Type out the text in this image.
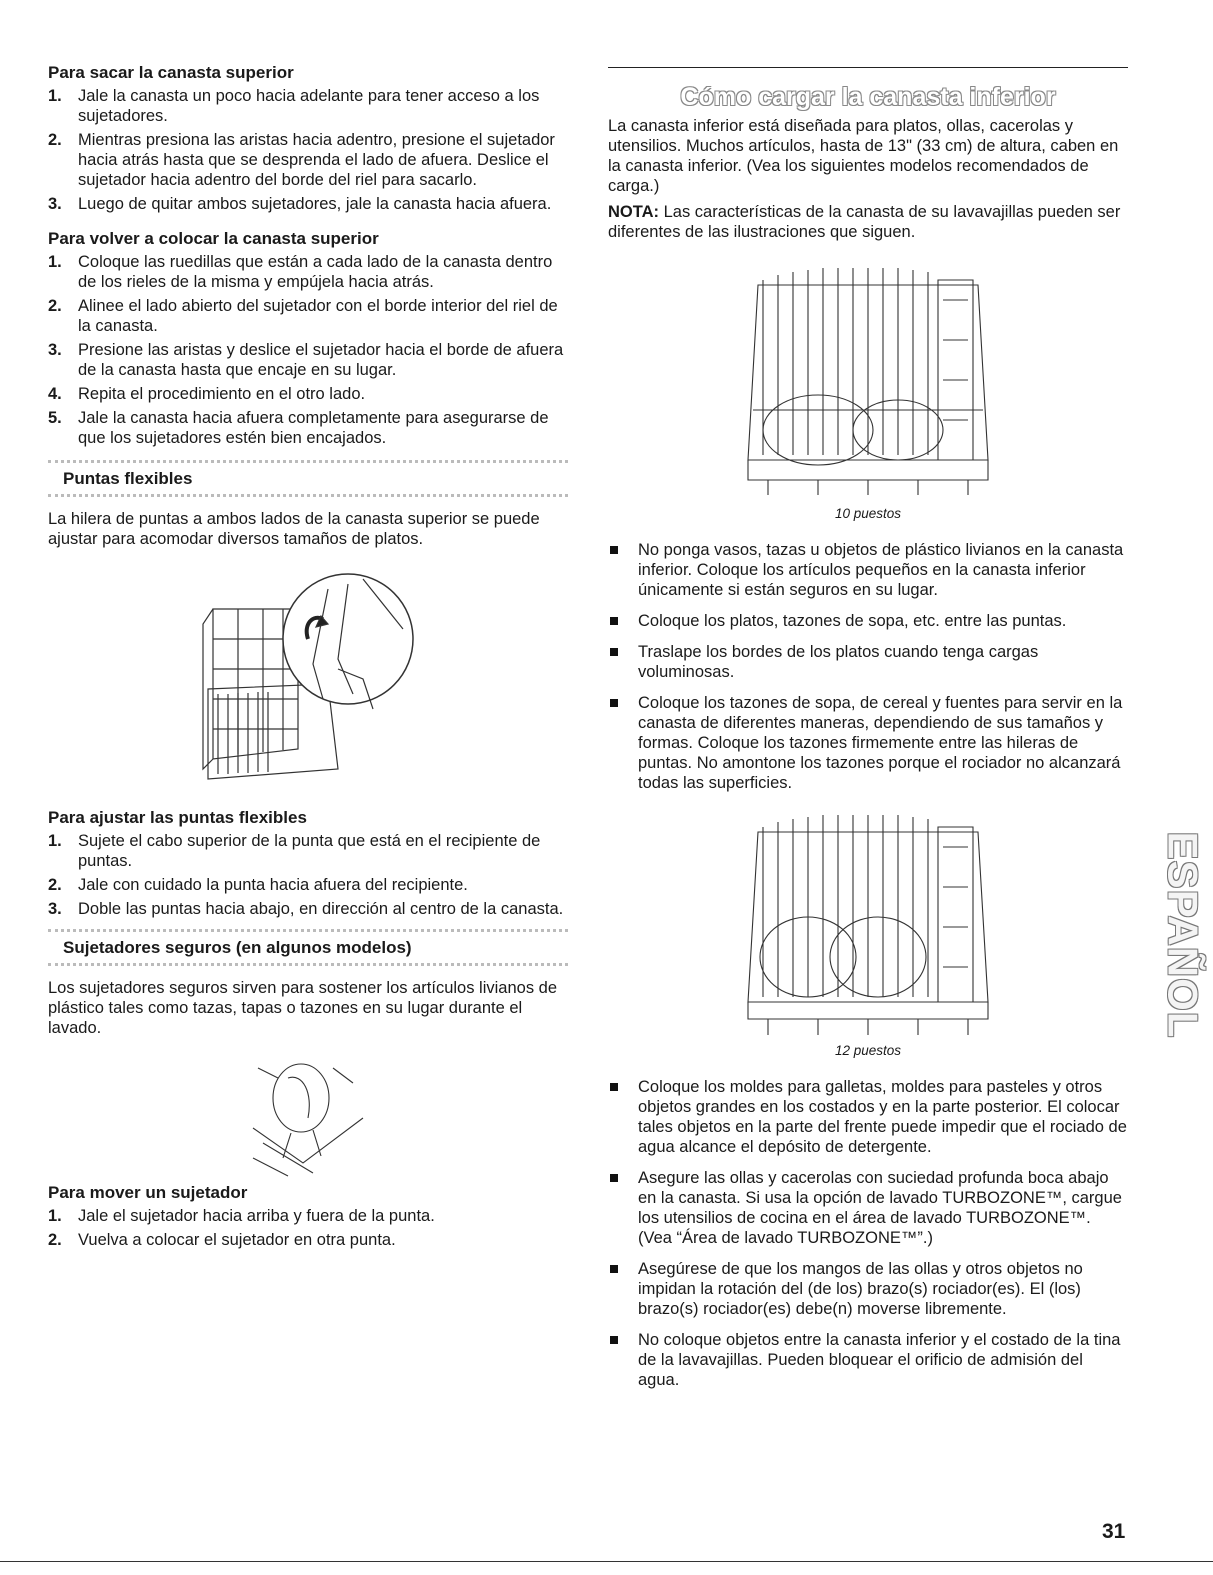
Para sacar la canasta superior
1. Jale la canasta un poco hacia adelante para tener acceso a los sujetadores.
2. Mientras presiona las aristas hacia adentro, presione el sujetador hacia atrás hasta que se desprenda el lado de afuera. Deslice el sujetador hacia adentro del borde del riel para sacarlo.
3. Luego de quitar ambos sujetadores, jale la canasta hacia afuera.
Para volver a colocar la canasta superior
1. Coloque las ruedillas que están a cada lado de la canasta dentro de los rieles de la misma y empújela hacia atrás.
2. Alinee el lado abierto del sujetador con el borde interior del riel de la canasta.
3. Presione las aristas y deslice el sujetador hacia el borde de afuera de la canasta hasta que encaje en su lugar.
4. Repita el procedimiento en el otro lado.
5. Jale la canasta hacia afuera completamente para asegurarse de que los sujetadores estén bien encajados.
Puntas flexibles

La hilera de puntas a ambos lados de la canasta superior se puede ajustar para acomodar diversos tamaños de platos.

Para ajustar las puntas flexibles
1. Sujete el cabo superior de la punta que está en el recipiente de puntas.
2. Jale con cuidado la punta hacia afuera del recipiente.
3. Doble las puntas hacia abajo, en dirección al centro de la canasta.
Sujetadores seguros (en algunos modelos)

Los sujetadores seguros sirven para sostener los artículos livianos de plástico tales como tazas, tapas o tazones en su lugar durante el lavado.

Para mover un sujetador
1. Jale el sujetador hacia arriba y fuera de la punta.
2. Vuelva a colocar el sujetador en otra punta.
Cómo cargar la canasta inferior

La canasta inferior está diseñada para platos, ollas, cacerolas y utensilios. Muchos artículos, hasta de 13" (33 cm) de altura, caben en la canasta inferior. (Vea los siguientes modelos recomendados de carga.)

NOTA: Las características de la canasta de su lavavajillas pueden ser diferentes de las ilustraciones que siguen.

10 puestos

No ponga vasos, tazas u objetos de plástico livianos en la canasta inferior. Coloque los artículos pequeños en la canasta inferior únicamente si están seguros en su lugar.
Coloque los platos, tazones de sopa, etc. entre las puntas.
Traslape los bordes de los platos cuando tenga cargas voluminosas.
Coloque los tazones de sopa, de cereal y fuentes para servir en la canasta de diferentes maneras, dependiendo de sus tamaños y formas. Coloque los tazones firmemente entre las hileras de puntas. No amontone los tazones porque el rociador no alcanzará todas las superficies.

12 puestos

Coloque los moldes para galletas, moldes para pasteles y otros objetos grandes en los costados y en la parte posterior. El colocar tales objetos en la parte del frente puede impedir que el rociado de agua alcance el depósito de detergente.
Asegure las ollas y cacerolas con suciedad profunda boca abajo en la canasta. Si usa la opción de lavado TURBOZONE™, cargue los utensilios de cocina en el área de lavado TURBOZONE™. (Vea “Área de lavado TURBOZONE™”.)
Asegúrese de que los mangos de las ollas y otros objetos no impidan la rotación del (de los) brazo(s) rociador(es). El (los) brazo(s) rociador(es) debe(n) moverse libremente.
No coloque objetos entre la canasta inferior y el costado de la tina de la lavavajillas. Pueden bloquear el orificio de admisión del agua.
ESPAÑOL
31
